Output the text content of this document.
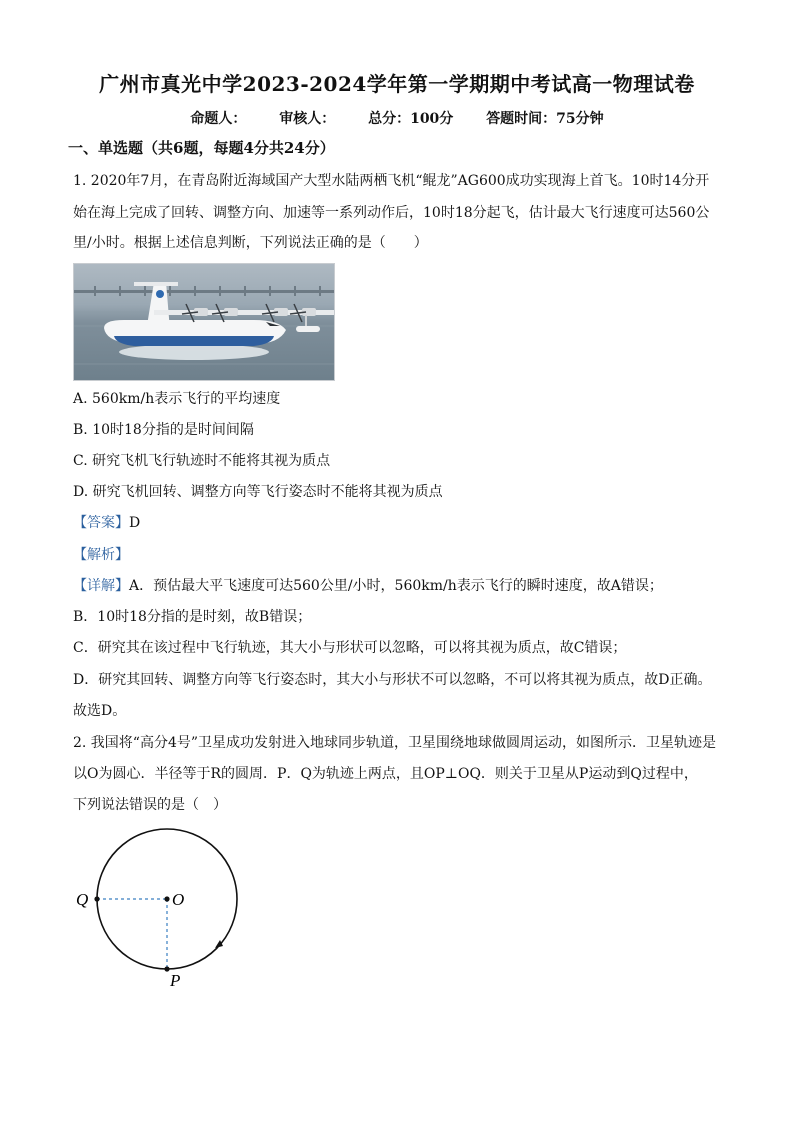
广州市真光中学2023-2024学年第一学期期中考试高一物理试卷
命题人： 审核人： 总分：100分 答题时间：75分钟
一、单选题（共6题，每题4分共24分）
1. 2020年7月，在青岛附近海域国产大型水陆两栖飞机“鲲龙”AG600成功实现海上首飞。10时14分开
始在海上完成了回转、调整方向、加速等一系列动作后，10时18分起飞，估计最大飞行速度可达560公
里/小时。根据上述信息判断，下列说法正确的是（　　）
A. 560km/h表示飞行的平均速度
B. 10时18分指的是时间间隔
C. 研究飞机飞行轨迹时不能将其视为质点
D. 研究飞机回转、调整方向等飞行姿态时不能将其视为质点
【答案】D
【解析】
【详解】A．预估最大平飞速度可达560公里/小时，560km/h表示飞行的瞬时速度，故A错误；
B．10时18分指的是时刻，故B错误；
C．研究其在该过程中飞行轨迹，其大小与形状可以忽略，可以将其视为质点，故C错误；
D．研究其回转、调整方向等飞行姿态时，其大小与形状不可以忽略，不可以将其视为质点，故D正确。
故选D。
2. 我国将“高分4号”卫星成功发射进入地球同步轨道，卫星围绕地球做圆周运动，如图所示．卫星轨迹是
以O为圆心．半径等于R的圆周．P．Q为轨迹上两点，且OP⊥OQ．则关于卫星从P运动到Q过程中，
下列说法错误的是（　）
Q	O
P
